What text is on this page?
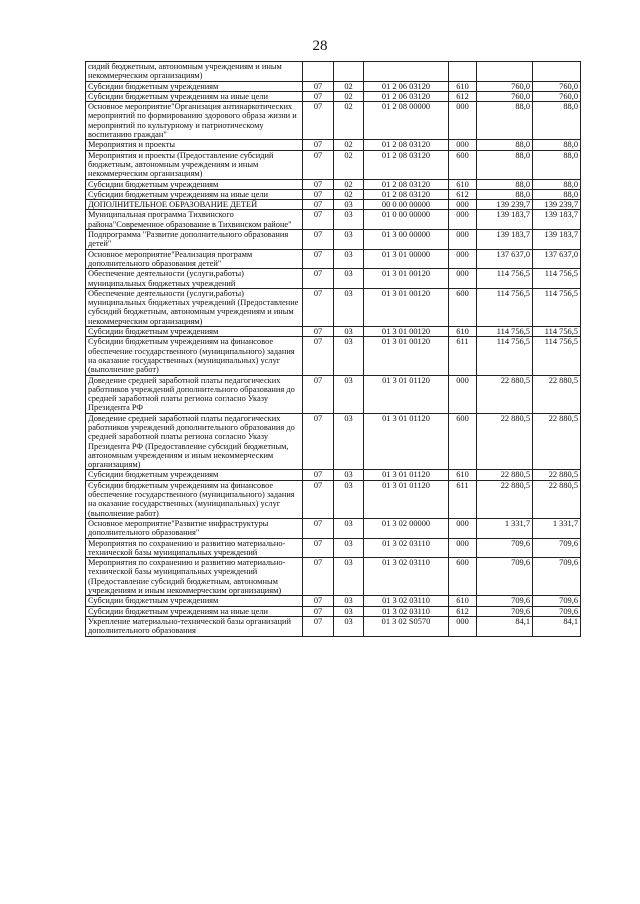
28
сидий бюджетным, автономным учреждениям и иным некоммерческим организациям)						
Субсидии бюджетным учреждениям	07	02	01 2 06 03120	610	760,0	760,0
Субсидии бюджетным учреждениям на иные цели	07	02	01 2 06 03120	612	760,0	760,0
Основное мероприятие"Организация антинаркотических мероприятий по формированию здорового образа жизни и мероприятий по культурному и патриотическому воспитанию граждан"	07	02	01 2 08 00000	000	88,0	88,0
Мероприятия и проекты	07	02	01 2 08 03120	000	88,0	88,0
Мероприятия и проекты (Предоставление субсидий бюджетным, автономным учреждениям и иным некоммерческим организациям)	07	02	01 2 08 03120	600	88,0	88,0
Субсидии бюджетным учреждениям	07	02	01 2 08 03120	610	88,0	88,0
Субсидии бюджетным учреждениям на иные цели	07	02	01 2 08 03120	612	88,0	88,0
ДОПОЛНИТЕЛЬНОЕ ОБРАЗОВАНИЕ ДЕТЕЙ	07	03	00 0 00 00000	000	139 239,7	139 239,7
Муниципальная программа Тихвинского района"Современное образование в Тихвинском районе"	07	03	01 0 00 00000	000	139 183,7	139 183,7
Подпрограмма "Развитие дополнительного образования детей"	07	03	01 3 00 00000	000	139 183,7	139 183,7
Основное мероприятие"Реализация программ дополнительного образования детей"	07	03	01 3 01 00000	000	137 637,0	137 637,0
Обеспечение деятельности (услуги,работы) муниципальных бюджетных учреждений	07	03	01 3 01 00120	000	114 756,5	114 756,5
Обеспечение деятельности (услуги,работы) муниципальных бюджетных учреждений (Предоставление субсидий бюджетным, автономным учреждениям и иным некоммерческим организациям)	07	03	01 3 01 00120	600	114 756,5	114 756,5
Субсидии бюджетным учреждениям	07	03	01 3 01 00120	610	114 756,5	114 756,5
Субсидии бюджетным учреждениям на финансовое обеспечение государственного (муниципального) задания на оказание государственных (муниципальных) услуг (выполнение работ)	07	03	01 3 01 00120	611	114 756,5	114 756,5
Доведение средней заработной платы педагогических работников учреждений дополнительного образования до средней заработной платы регионa согласно Указу Президента РФ	07	03	01 3 01 01120	000	22 880,5	22 880,5
Доведение средней заработной платы педагогических работников учреждений дополнительного образования до средней заработной платы региона согласно Указу Президента РФ (Предоставление субсидий бюджетным, автономным учреждениям и иным некоммерческим организациям)	07	03	01 3 01 01120	600	22 880,5	22 880,5
Субсидии бюджетным учреждениям	07	03	01 3 01 01120	610	22 880,5	22 880,5
Субсидии бюджетным учреждениям на финансовое обеспечение государственного (муниципального) задания на оказание государственных (муниципальных) услуг (выполнение работ)	07	03	01 3 01 01120	611	22 880,5	22 880,5
Основное мероприятие"Развитие инфраструктуры дополнительного образования"	07	03	01 3 02 00000	000	1 331,7	1 331,7
Мероприятия по сохранению и развитию материально-технической базы муниципальных учреждений	07	03	01 3 02 03110	000	709,6	709,6
Мероприятия по сохранению и развитию материально-технической базы муниципальных учреждений (Предоставление субсидий бюджетным, автономным учреждениям и иным некоммерческим организациям)	07	03	01 3 02 03110	600	709,6	709,6
Субсидии бюджетным учреждениям	07	03	01 3 02 03110	610	709,6	709,6
Субсидии бюджетным учреждениям на иные цели	07	03	01 3 02 03110	612	709,6	709,6
Укрепление материально-технической базы организаций дополнительного образования	07	03	01 3 02 S0570	000	84,1	84,1
